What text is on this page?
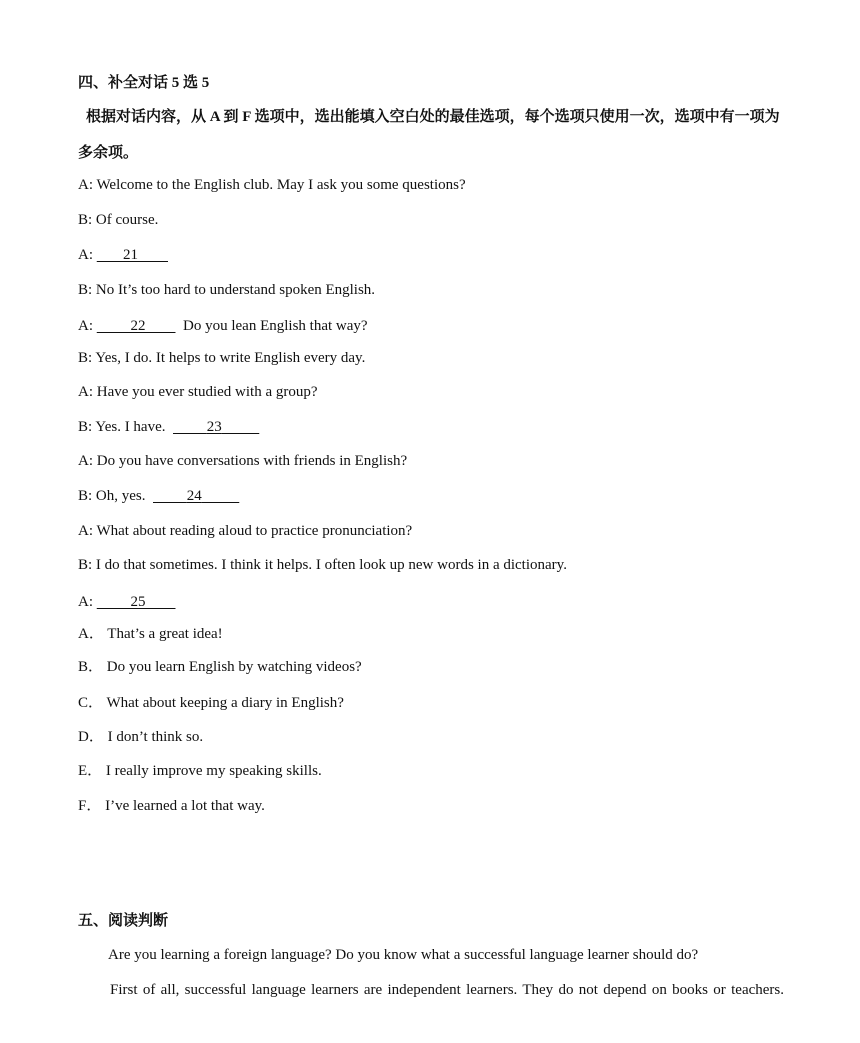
四、补全对话 5 选 5
根据对话内容，从 A 到 F 选项中，选出能填入空白处的最佳选项，每个选项只使用一次，选项中有一项为
多余项。
A: Welcome to the English club. May I ask you some questions?
B: Of course.
A: 21
B: No It’s too hard to understand spoken English.
A:	22	Do you lean English that way?
B: Yes, I do. It helps to write English every day.
A: Have you ever studied with a group?
B: Yes. I have.	23
A: Do you have conversations with friends in English?
B: Oh, yes.	24
A: What about reading aloud to practice pronunciation?
B: I do that sometimes. I think it helps. I often look up new words in a dictionary.
A:	25
A． That’s a great idea!
B． Do you learn English by watching videos?
C． What about keeping a diary in English?
D． I don’t think so.
E． I really improve my speaking skills.
F． I’ve learned a lot that way.
五、阅读判断
Are you learning a foreign language? Do you know what a successful language learner should do?
First of all, successful language learners are independent learners. They do not depend on books or teachers.
